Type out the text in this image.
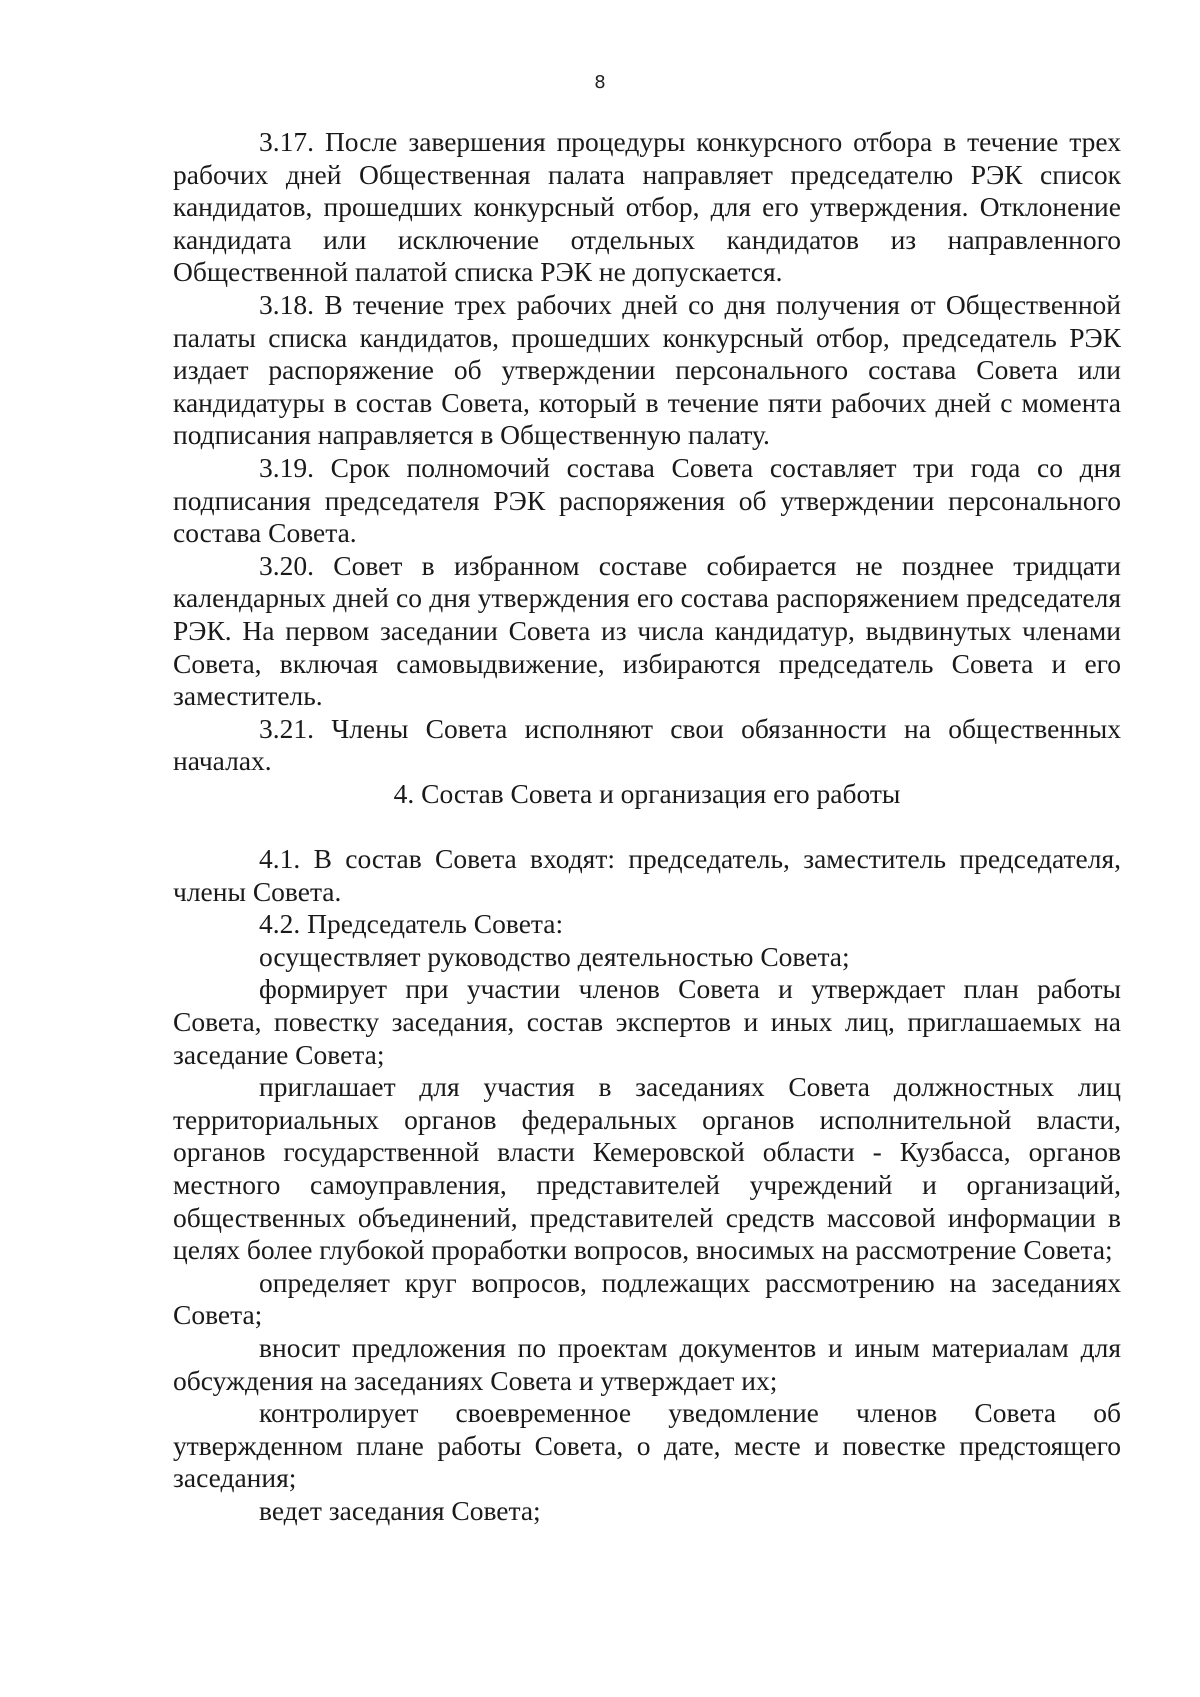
8

3.17. После завершения процедуры конкурсного отбора в течение трех рабочих дней Общественная палата направляет председателю РЭК список кандидатов, прошедших конкурсный отбор, для его утверждения. Отклонение кандидата или исключение отдельных кандидатов из направленного Общественной палатой списка РЭК не допускается.

3.18. В течение трех рабочих дней со дня получения от Общественной палаты списка кандидатов, прошедших конкурсный отбор, председатель РЭК издает распоряжение об утверждении персонального состава Совета или кандидатуры в состав Совета, который в течение пяти рабочих дней с момента подписания направляется в Общественную палату.

3.19. Срок полномочий состава Совета составляет три года со дня подписания председателя РЭК распоряжения об утверждении персонального состава Совета.

3.20. Совет в избранном составе собирается не позднее тридцати календарных дней со дня утверждения его состава распоряжением председателя РЭК. На первом заседании Совета из числа кандидатур, выдвинутых членами Совета, включая самовыдвижение, избираются председатель Совета и его заместитель.

3.21. Члены Совета исполняют свои обязанности на общественных началах.

4. Состав Совета и организация его работы

4.1. В состав Совета входят: председатель, заместитель председателя, члены Совета.

4.2. Председатель Совета:

осуществляет руководство деятельностью Совета;

формирует при участии членов Совета и утверждает план работы Совета, повестку заседания, состав экспертов и иных лиц, приглашаемых на заседание Совета;

приглашает для участия в заседаниях Совета должностных лиц территориальных органов федеральных органов исполнительной власти, органов государственной власти Кемеровской области - Кузбасса, органов местного самоуправления, представителей учреждений и организаций, общественных объединений, представителей средств массовой информации в целях более глубокой проработки вопросов, вносимых на рассмотрение Совета;

определяет круг вопросов, подлежащих рассмотрению на заседаниях Совета;

вносит предложения по проектам документов и иным материалам для обсуждения на заседаниях Совета и утверждает их;

контролирует своевременное уведомление членов Совета об утвержденном плане работы Совета, о дате, месте и повестке предстоящего заседания;

ведет заседания Совета;
